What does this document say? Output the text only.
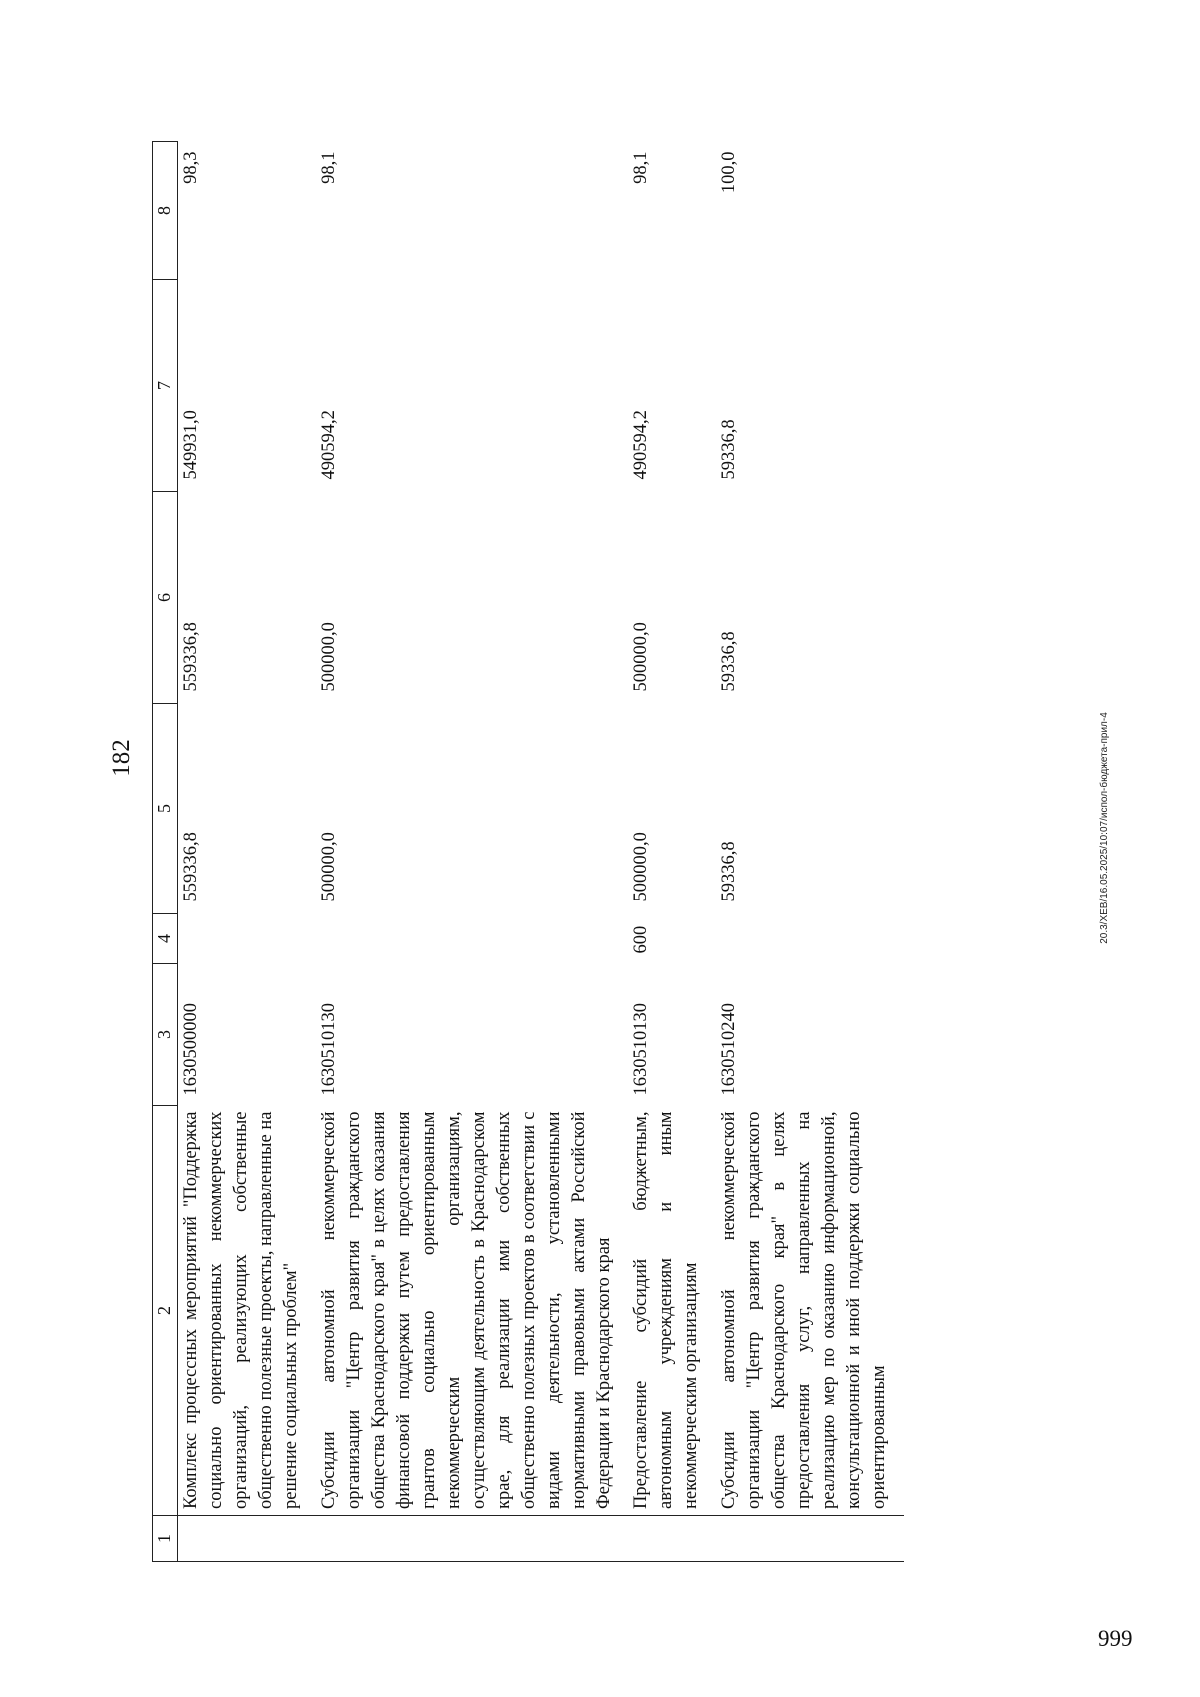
182
1	2	3	4	5	6	7	8
	Комплекс процессных мероприятий "Поддержка социально ориентированных некоммерческих организаций, реализующих собственные общественно полезные проекты, направленные на решение социальных проблем"	1630500000		559336,8	559336,8	549931,0	98,3
	Субсидии автономной некоммерческой организации "Центр развития гражданского общества Краснодарского края" в целях оказания финансовой поддержки путем предоставления грантов социально ориентированным некоммерческим организациям, осуществляющим деятельность в Краснодарском крае, для реализации ими собственных общественно полезных проектов в соответствии с видами деятельности, установленными нормативными правовыми актами Российской Федерации и Краснодарского края	1630510130		500000,0	500000,0	490594,2	98,1
	Предоставление субсидий бюджетным, автономным учреждениям и иным некоммерческим организациям	1630510130	600	500000,0	500000,0	490594,2	98,1
	Субсидии автономной некоммерческой организации "Центр развития гражданского общества Краснодарского края" в целях предоставления услуг, направленных на реализацию мер по оказанию информационной, консультационной и иной поддержки социально ориентированным	1630510240		59336,8	59336,8	59336,8	100,0
20.3/XEB/16.05.2025/10:07/испол-бюджета-прил-4
999
